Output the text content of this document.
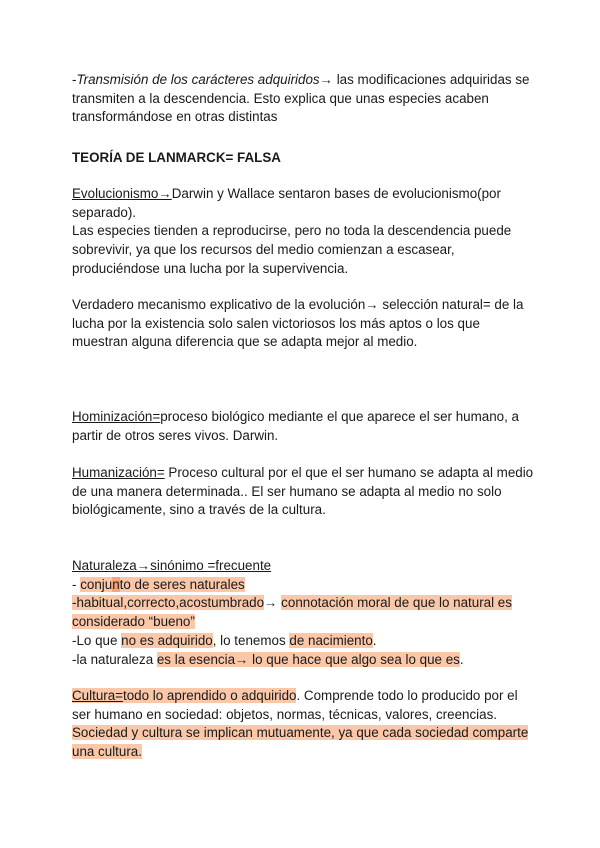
-Transmisión de los carácteres adquiridos→ las modificaciones adquiridas se transmiten a la descendencia. Esto explica que unas especies acaben transformándose en otras distintas

TEORÍA DE LANMARCK= FALSA

Evolucionismo→Darwin y Wallace sentaron bases de evolucionismo(por separado).
Las especies tienden a reproducirse, pero no toda la descendencia puede sobrevivir, ya que los recursos del medio comienzan a escasear, produciéndose una lucha por la supervivencia.

Verdadero mecanismo explicativo de la evolución→ selección natural= de la lucha por la existencia solo salen victoriosos los más aptos o los que muestran alguna diferencia que se adapta mejor al medio.

Hominización=proceso biológico mediante el que aparece el ser humano, a partir de otros seres vivos. Darwin.

Humanización= Proceso cultural por el que el ser humano se adapta al medio de una manera determinada.. El ser humano se adapta al medio no solo biológicamente, sino a través de la cultura.

Naturaleza→sinónimo =frecuente
- conjunto de seres naturales
-habitual,correcto,acostumbrado→ connotación moral de que lo natural es considerado “bueno”
-Lo que no es adquirido, lo tenemos de nacimiento.
-la naturaleza es la esencia→ lo que hace que algo sea lo que es.

Cultura=todo lo aprendido o adquirido. Comprende todo lo producido por el ser humano en sociedad: objetos, normas, técnicas, valores, creencias. Sociedad y cultura se implican mutuamente, ya que cada sociedad comparte una cultura.
